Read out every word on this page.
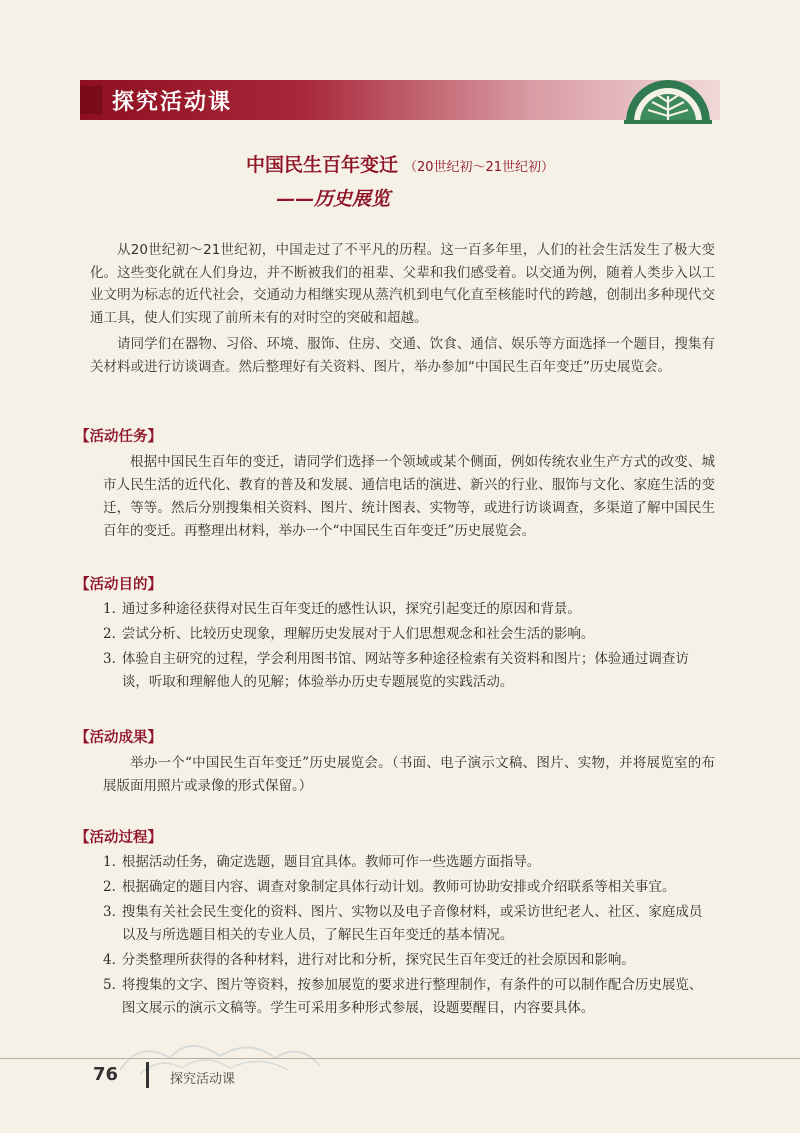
探究活动课
中国民生百年变迁 （20世纪初～21世纪初）
——历史展览

从20世纪初～21世纪初，中国走过了不平凡的历程。这一百多年里，人们的社会生活发生了极大变化。这些变化就在人们身边，并不断被我们的祖辈、父辈和我们感受着。以交通为例，随着人类步入以工业文明为标志的近代社会，交通动力相继实现从蒸汽机到电气化直至核能时代的跨越，创制出多种现代交通工具，使人们实现了前所未有的对时空的突破和超越。

请同学们在器物、习俗、环境、服饰、住房、交通、饮食、通信、娱乐等方面选择一个题目，搜集有关材料或进行访谈调查。然后整理好有关资料、图片，举办参加“中国民生百年变迁”历史展览会。

【活动任务】

根据中国民生百年的变迁，请同学们选择一个领域或某个侧面，例如传统农业生产方式的改变、城市人民生活的近代化、教育的普及和发展、通信电话的演进、新兴的行业、服饰与文化、家庭生活的变迁，等等。然后分别搜集相关资料、图片、统计图表、实物等，或进行访谈调查，多渠道了解中国民生百年的变迁。再整理出材料，举办一个“中国民生百年变迁”历史展览会。

【活动目的】
1．通过多种途径获得对民生百年变迁的感性认识，探究引起变迁的原因和背景。
2．尝试分析、比较历史现象，理解历史发展对于人们思想观念和社会生活的影响。
3．体验自主研究的过程，学会利用图书馆、网站等多种途径检索有关资料和图片；体验通过调查访谈，听取和理解他人的见解；体验举办历史专题展览的实践活动。
【活动成果】

举办一个“中国民生百年变迁”历史展览会。（书面、电子演示文稿、图片、实物，并将展览室的布展版面用照片或录像的形式保留。）

【活动过程】
1．根据活动任务，确定选题，题目宜具体。教师可作一些选题方面指导。
2．根据确定的题目内容、调查对象制定具体行动计划。教师可协助安排或介绍联系等相关事宜。
3．搜集有关社会民生变化的资料、图片、实物以及电子音像材料，或采访世纪老人、社区、家庭成员以及与所选题目相关的专业人员，了解民生百年变迁的基本情况。
4．分类整理所获得的各种材料，进行对比和分析，探究民生百年变迁的社会原因和影响。
5．将搜集的文字、图片等资料，按参加展览的要求进行整理制作，有条件的可以制作配合历史展览、图文展示的演示文稿等。学生可采用多种形式参展，设题要醒目，内容要具体。
76	探究活动课
